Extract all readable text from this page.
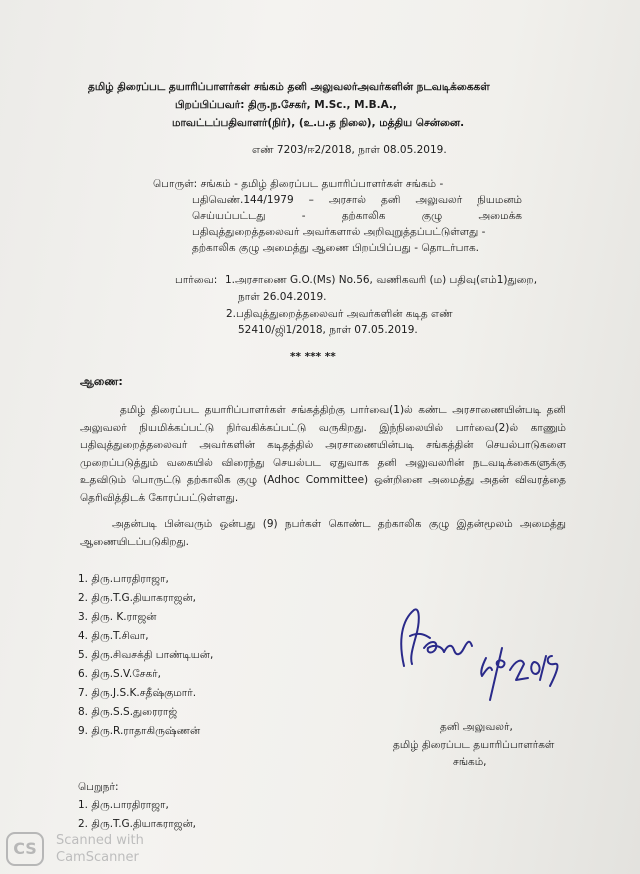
தமிழ் திரைப்பட தயாரிப்பாளர்கள் சங்கம் தனி அலுவலர்அவர்களின் நடவடிக்கைகள்
பிறப்பிப்பவர்: திரு.ந.சேகர், M.Sc., M.B.A.,
மாவட்டப்பதிவாளர்(நிர்), (உ.ப.த நிலை), மத்திய சென்னை.
எண் 7203/ஈ2/2018, நாள் 08.05.2019.
பொருள்: சங்கம் - தமிழ் திரைப்பட தயாரிப்பாளர்கள் சங்கம் -
பதிவெண்.144/1979 – அரசால் தனி அலுவலர் நியமனம்
செய்யப்பட்டது - தற்காலிக குழு அமைக்க
பதிவுத்துறைத்தலைவர் அவர்களால் அறிவுறுத்தப்பட்டுள்ளது -
தற்காலிக குழு அமைத்து ஆணை பிறப்பிப்பது - தொடர்பாக.
பார்வை: 1.அரசாணை G.O.(Ms) No.56, வணிகவரி (ம) பதிவு(எம்1)துறை,
நாள் 26.04.2019.
2.பதிவுத்துறைத்தலைவர் அவர்களின் கடித எண்
52410/ஜி1/2018, நாள் 07.05.2019.
** *** **
ஆணை:
தமிழ் திரைப்பட தயாரிப்பாளர்கள் சங்கத்திற்கு பார்வை(1)ல் கண்ட அரசாணையின்படி தனி அலுவலர் நியமிக்கப்பட்டு நிர்வகிக்கப்பட்டு வருகிறது. இந்நிலையில் பார்வை(2)ல் காணும் பதிவுத்துறைத்தலைவர் அவர்களின் கடிதத்தில் அரசாணையின்படி சங்கத்தின் செயல்பாடுகளை முறைப்படுத்தும் வகையில் விரைந்து செயல்பட ஏதுவாக தனி அலுவலரின் நடவடிக்கைகளுக்கு உதவிடும் பொருட்டு தற்காலிக குழு (Adhoc Committee) ஒன்றினை அமைத்து அதன் விவரத்தை தெரிவித்திடக் கோரப்பட்டுள்ளது.
அதன்படி பின்வரும் ஒன்பது (9) நபர்கள் கொண்ட தற்காலிக குழு இதன்மூலம் அமைத்து ஆணையிடப்படுகிறது.
1. திரு.பாரதிராஜா,
2. திரு.T.G.தியாகராஜன்,
3. திரு. K.ராஜன்
4. திரு.T.சிவா,
5. திரு.சிவசக்தி பாண்டியன்,
6. திரு.S.V.சேகர்,
7. திரு.J.S.K.சதீஷ்குமார்.
8. திரு.S.S.துரைராஜ்
9. திரு.R.ராதாகிருஷ்ணன்	தனி அலுவலர்,
தமிழ் திரைப்பட தயாரிப்பாளர்கள்
சங்கம்,
பெறுநர்:
1. திரு.பாரதிராஜா,
2. திரு.T.G.தியாகராஜன்,
CS	Scanned with
CamScanner
